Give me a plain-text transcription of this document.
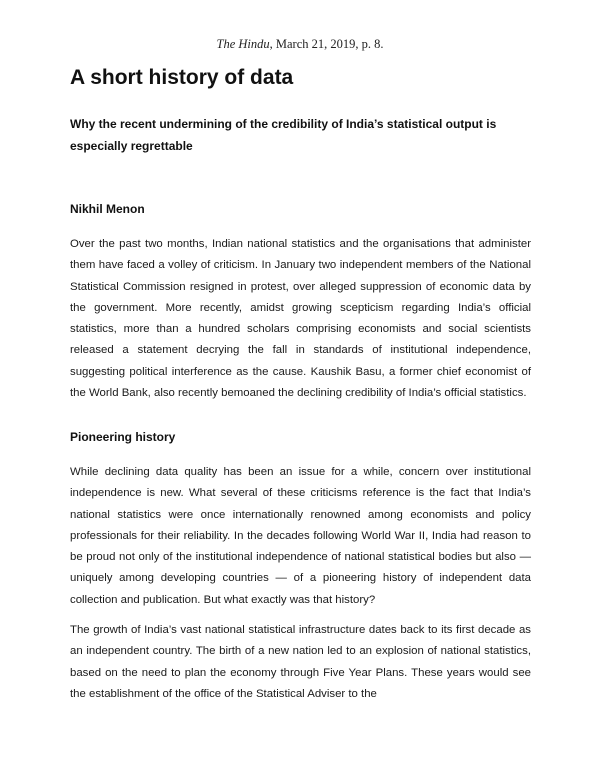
The Hindu, March 21, 2019, p. 8.
A short history of data

Why the recent undermining of the credibility of India’s statistical output is especially regrettable

Nikhil Menon

Over the past two months, Indian national statistics and the organisations that administer them have faced a volley of criticism. In January two independent members of the National Statistical Commission resigned in protest, over alleged suppression of economic data by the government. More recently, amidst growing scepticism regarding India’s official statistics, more than a hundred scholars comprising economists and social scientists released a statement decrying the fall in standards of institutional independence, suggesting political interference as the cause. Kaushik Basu, a former chief economist of the World Bank, also recently bemoaned the declining credibility of India’s official statistics.

Pioneering history

While declining data quality has been an issue for a while, concern over institutional independence is new. What several of these criticisms reference is the fact that India’s national statistics were once internationally renowned among economists and policy professionals for their reliability. In the decades following World War II, India had reason to be proud not only of the institutional independence of national statistical bodies but also — uniquely among developing countries — of a pioneering history of independent data collection and publication. But what exactly was that history?

The growth of India’s vast national statistical infrastructure dates back to its first decade as an independent country. The birth of a new nation led to an explosion of national statistics, based on the need to plan the economy through Five Year Plans. These years would see the establishment of the office of the Statistical Adviser to the
